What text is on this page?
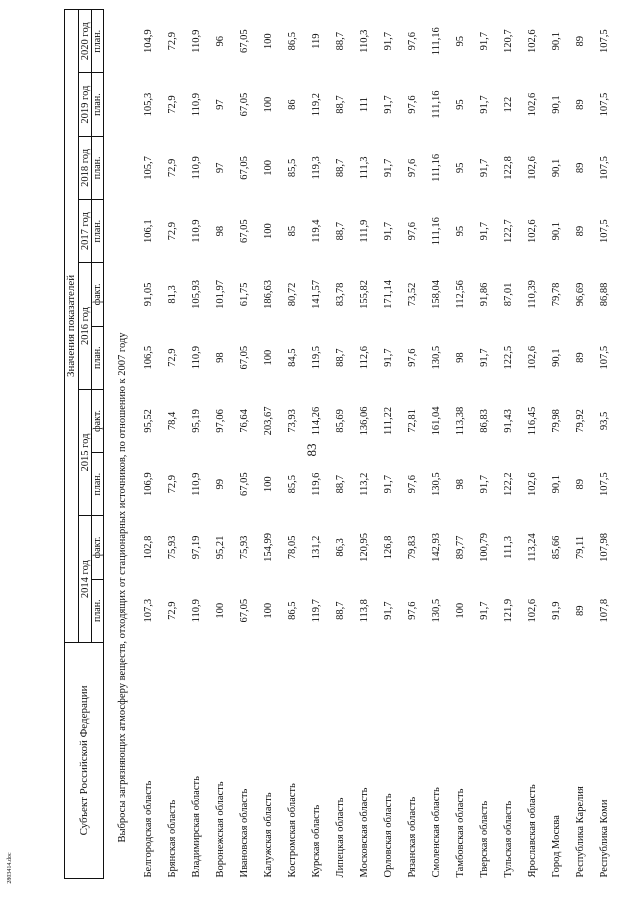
83
2803414.doc
Субъект Российской Федерации	Значения показателей									
	2014 год		2015 год		2016 год		2017 год	2018 год	2019 год	2020 год
	план.	факт.	план.	факт.	план.	факт.	план.	план.	план.	план.
Выбросы загрязняющих атмосферу веществ, отходящих от стационарных источников, по отношению к 2007 году										
Белгородская область	107,3	102,8	106,9	95,52	106,5	91,05	106,1	105,7	105,3	104,9
Брянская область	72,9	75,93	72,9	78,4	72,9	81,3	72,9	72,9	72,9	72,9
Владимирская область	110,9	97,19	110,9	95,19	110,9	105,93	110,9	110,9	110,9	110,9
Воронежская область	100	95,21	99	97,06	98	101,97	98	97	97	96
Ивановская область	67,05	75,93	67,05	76,64	67,05	61,75	67,05	67,05	67,05	67,05
Калужская область	100	154,99	100	203,67	100	186,63	100	100	100	100
Костромская область	86,5	78,05	85,5	73,93	84,5	80,72	85	85,5	86	86,5
Курская область	119,7	131,2	119,6	114,26	119,5	141,57	119,4	119,3	119,2	119
Липецкая область	88,7	86,3	88,7	85,69	88,7	83,78	88,7	88,7	88,7	88,7
Московская область	113,8	120,95	113,2	136,06	112,6	155,82	111,9	111,3	111	110,3
Орловская область	91,7	126,8	91,7	111,22	91,7	171,14	91,7	91,7	91,7	91,7
Рязанская область	97,6	79,83	97,6	72,81	97,6	73,52	97,6	97,6	97,6	97,6
Смоленская область	130,5	142,93	130,5	161,04	130,5	158,04	111,16	111,16	111,16	111,16
Тамбовская область	100	89,77	98	113,38	98	112,56	95	95	95	95
Тверская область	91,7	100,79	91,7	86,83	91,7	91,86	91,7	91,7	91,7	91,7
Тульская область	121,9	111,3	122,2	91,43	122,5	87,01	122,7	122,8	122	120,7
Ярославская область	102,6	113,24	102,6	116,45	102,6	110,39	102,6	102,6	102,6	102,6
Город Москва	91,9	85,66	90,1	79,98	90,1	79,78	90,1	90,1	90,1	90,1
Республика Карелия	89	79,11	89	79,92	89	96,69	89	89	89	89
Республика Коми	107,8	107,98	107,5	93,5	107,5	86,88	107,5	107,5	107,5	107,5
